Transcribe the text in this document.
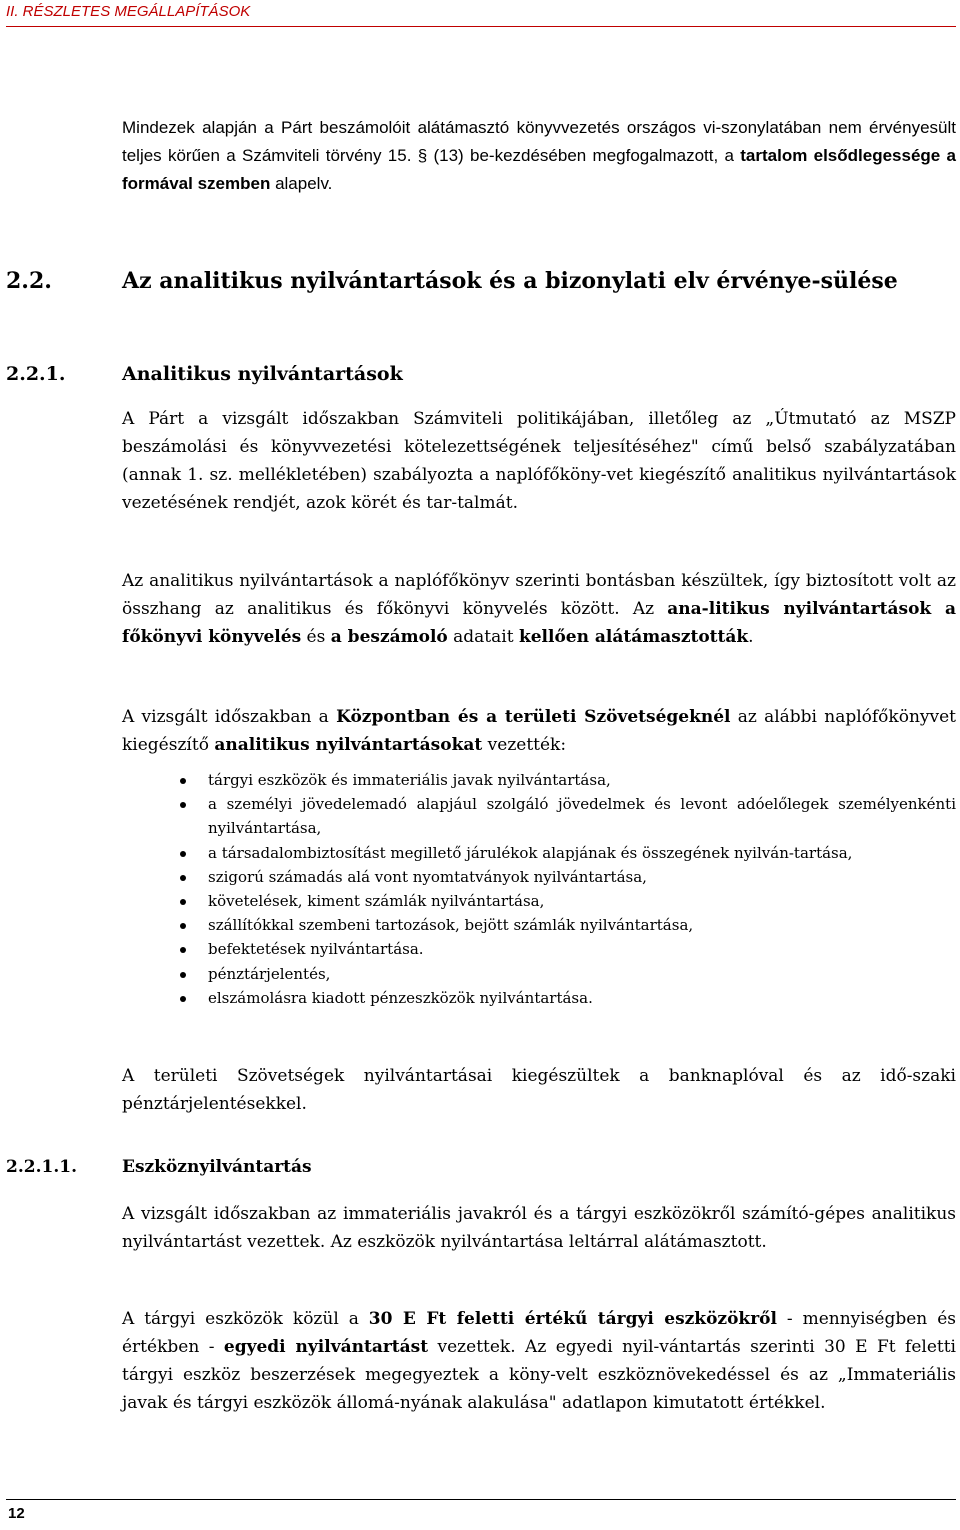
II. RÉSZLETES MEGÁLLAPÍTÁSOK

Mindezek alapján a Párt beszámolóit alátámasztó könyvvezetés országos vi-szonylatában nem érvényesült teljes körűen a Számviteli törvény 15. § (13) be-kezdésében megfogalmazott, a tartalom elsődlegessége a formával szemben alapelv.

2.2.	Az analitikus nyilvántartások és a bizonylati elv érvénye-sülése
2.2.1.	Analitikus nyilvántartások

A Párt a vizsgált időszakban Számviteli politikájában, illetőleg az „Útmutató az MSZP beszámolási és könyvvezetési kötelezettségének teljesítéséhez" című belső szabályzatában (annak 1. sz. mellékletében) szabályozta a naplófőköny-vet kiegészítő analitikus nyilvántartások vezetésének rendjét, azok körét és tar-talmát.

Az analitikus nyilvántartások a naplófőkönyv szerinti bontásban készültek, így biztosított volt az összhang az analitikus és főkönyvi könyvelés között. Az ana-litikus nyilvántartások a főkönyvi könyvelés és a beszámoló adatait kellően alátámasztották.

A vizsgált időszakban a Központban és a területi Szövetségeknél az alábbi naplófőkönyvet kiegészítő analitikus nyilvántartásokat vezették:

tárgyi eszközök és immateriális javak nyilvántartása,
a személyi jövedelemadó alapjául szolgáló jövedelmek és levont adóelőlegek személyenkénti nyilvántartása,
a társadalombiztosítást megillető járulékok alapjának és összegének nyilván-tartása,
szigorú számadás alá vont nyomtatványok nyilvántartása,
követelések, kiment számlák nyilvántartása,
szállítókkal szembeni tartozások, bejött számlák nyilvántartása,
befektetések nyilvántartása.
pénztárjelentés,
elszámolásra kiadott pénzeszközök nyilvántartása.

A területi Szövetségek nyilvántartásai kiegészültek a banknaplóval és az idő-szaki pénztárjelentésekkel.

2.2.1.1.	Eszköznyilvántartás

A vizsgált időszakban az immateriális javakról és a tárgyi eszközökről számító-gépes analitikus nyilvántartást vezettek. Az eszközök nyilvántartása leltárral alátámasztott.

A tárgyi eszközök közül a 30 E Ft feletti értékű tárgyi eszközökről - mennyiségben és értékben - egyedi nyilvántartást vezettek. Az egyedi nyil-vántartás szerinti 30 E Ft feletti tárgyi eszköz beszerzések megegyeztek a köny-velt eszköznövekedéssel és az „Immateriális javak és tárgyi eszközök állomá-nyának alakulása" adatlapon kimutatott értékkel.

12
